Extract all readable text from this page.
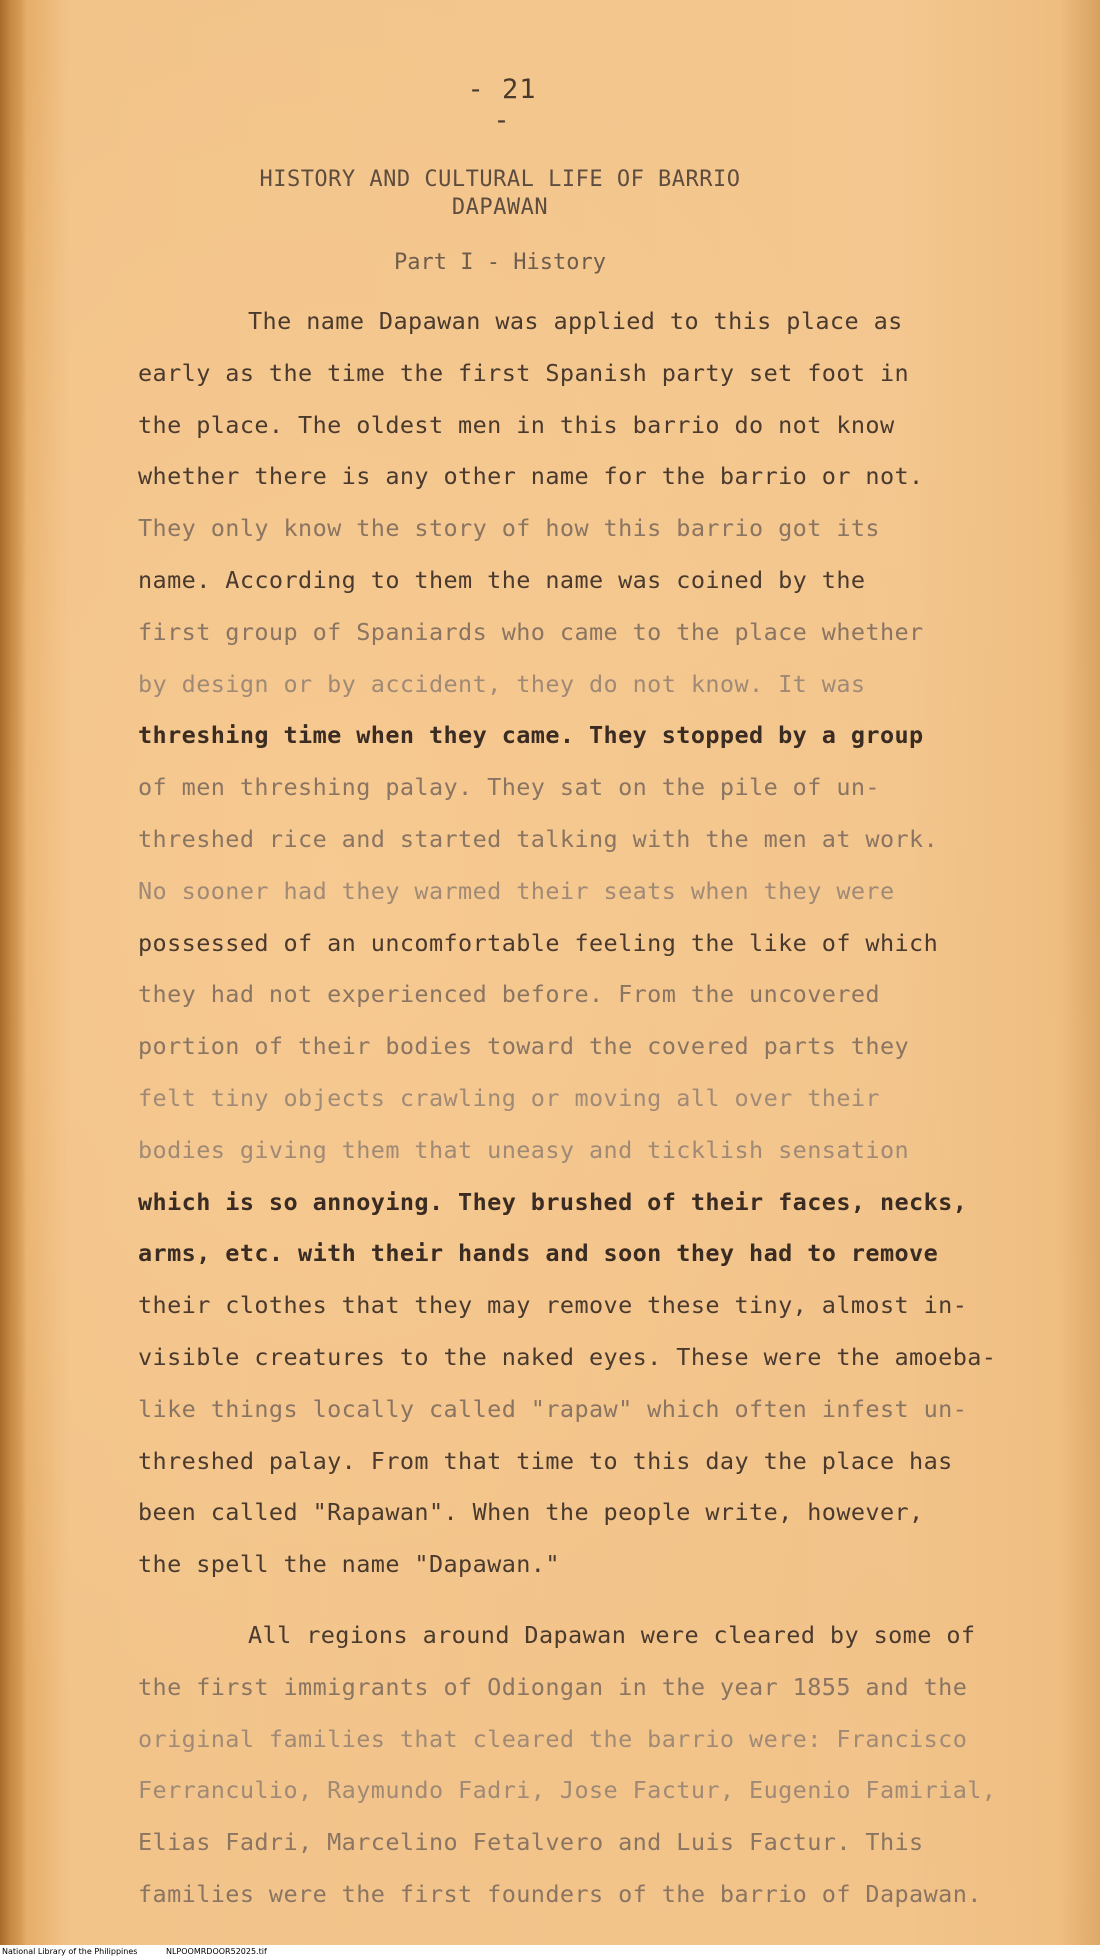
- 21 -
HISTORY AND CULTURAL LIFE OF BARRIO
DAPAWAN
Part I - History

The name Dapawan was applied to this place as

early as the time the first Spanish party set foot in

the place. The oldest men in this barrio do not know

whether there is any other name for the barrio or not.

They only know the story of how this barrio got its

name. According to them the name was coined by the

first group of Spaniards who came to the place whether

by design or by accident, they do not know. It was

threshing time when they came. They stopped by a group

of men threshing palay. They sat on the pile of un-

threshed rice and started talking with the men at work.

No sooner had they warmed their seats when they were

possessed of an uncomfortable feeling the like of which

they had not experienced before. From the uncovered

portion of their bodies toward the covered parts they

felt tiny objects crawling or moving all over their

bodies giving them that uneasy and ticklish sensation

which is so annoying. They brushed of their faces, necks,

arms, etc. with their hands and soon they had to remove

their clothes that they may remove these tiny, almost in-

visible creatures to the naked eyes. These were the amoeba-

like things locally called "rapaw" which often infest un-

threshed palay. From that time to this day the place has

been called "Rapawan". When the people write, however,

the spell the name "Dapawan."

All regions around Dapawan were cleared by some of

the first immigrants of Odiongan in the year 1855 and the

original families that cleared the barrio were: Francisco

Ferranculio, Raymundo Fadri, Jose Factur, Eugenio Famirial,

Elias Fadri, Marcelino Fetalvero and Luis Factur. This

families were the first founders of the barrio of Dapawan.

National Library of the Philippines	NLPOOMRDOOR52025.tif
